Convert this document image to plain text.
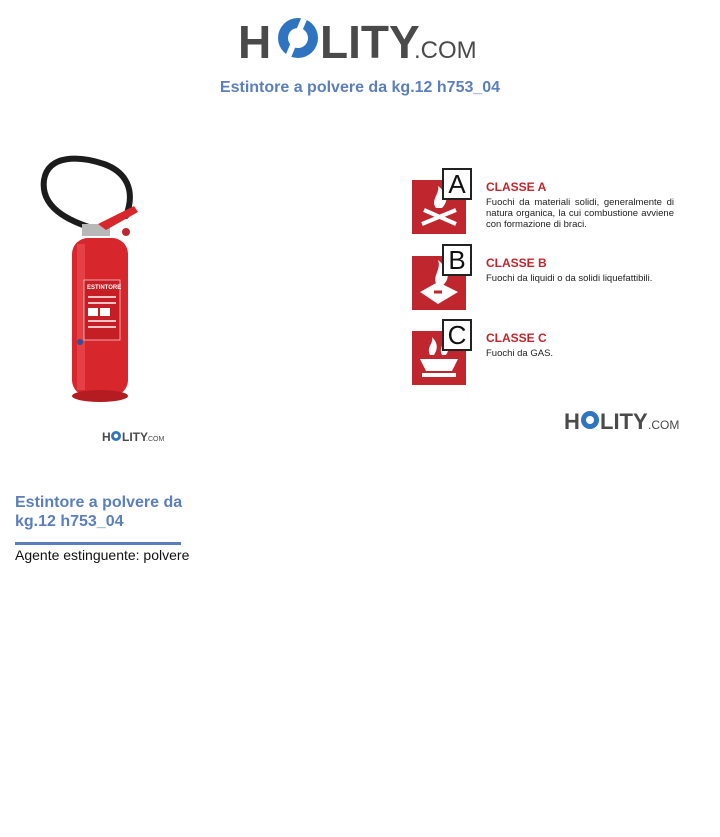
H LITY
.COM
Estintore a polvere da kg.12 h753_04
ESTINTORE
H LITY
.COM
A	CLASSE A
Fuochi da materiali solidi, generalmente di natura organica, la cui combustione avviene con formazione di braci.
B	CLASSE B
Fuochi da liquidi o da solidi liquefattibili.
C	CLASSE C
Fuochi da GAS.
H LITY .COM
Estintore a polvere da kg.12 h753_04
Agente estinguente: polvere
